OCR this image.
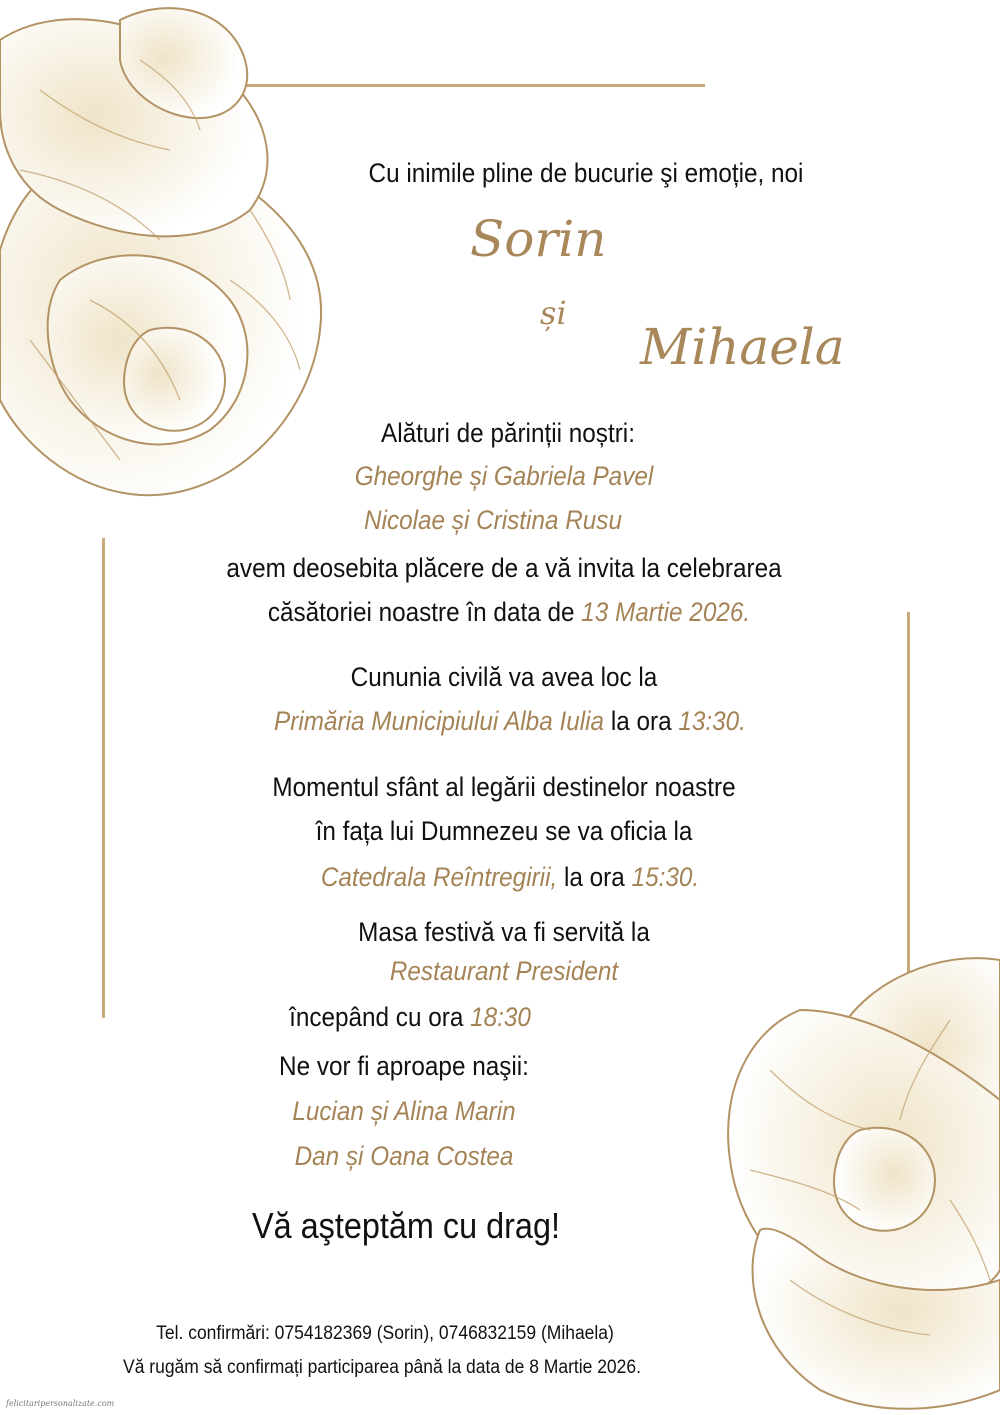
Cu inimile pline de bucurie şi emoție, noi
Sorin
și
Mihaela
Alături de părinții noștri:
Gheorghe și Gabriela Pavel
Nicolae și Cristina Rusu
avem deosebita plăcere de a vă invita la celebrarea
căsătoriei noastre în data de 13 Martie 2026.
Cununia civilă va avea loc la
Primăria Municipiului Alba Iulia la ora 13:30.
Momentul sfânt al legării destinelor noastre
în fața lui Dumnezeu se va oficia la
Catedrala Reîntregirii, la ora 15:30.
Masa festivă va fi servită la
Restaurant President
începând cu ora 18:30
Ne vor fi aproape naşii:
Lucian și Alina Marin
Dan și Oana Costea
Vă aşteptăm cu drag!
Tel. confirmări: 0754182369 (Sorin), 0746832159 (Mihaela)
Vă rugăm să confirmați participarea până la data de 8 Martie 2026.
felicitaripersonalizate.com
